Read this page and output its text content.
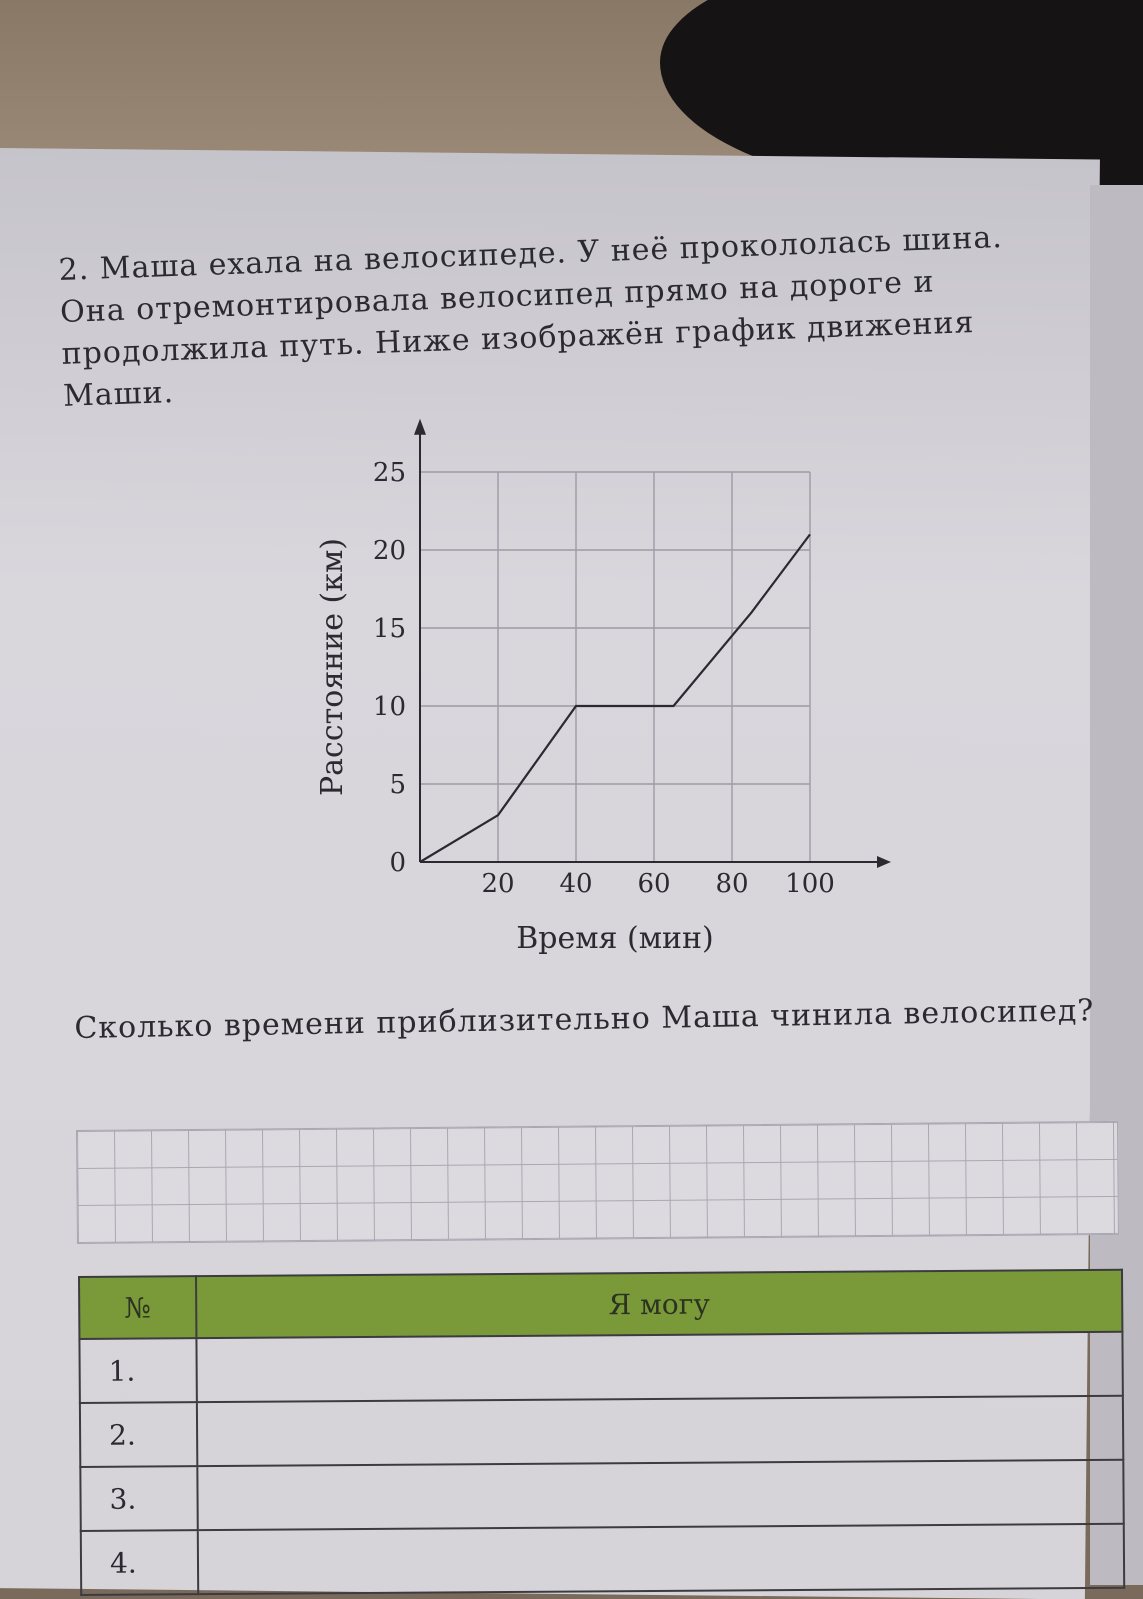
2. Маша ехала на велосипеде. У неё прокололась шина. Она отремонтировала велосипед прямо на дороге и продолжила путь. Ниже изображён график движения Маши.

0
5
10
15
20
25
20 40 60 80 100
Время (мин)
Расстояние (км)

Сколько времени приблизительно Маша чинила велосипед?

№	Я могу
1.	
2.	
3.	
4.	
